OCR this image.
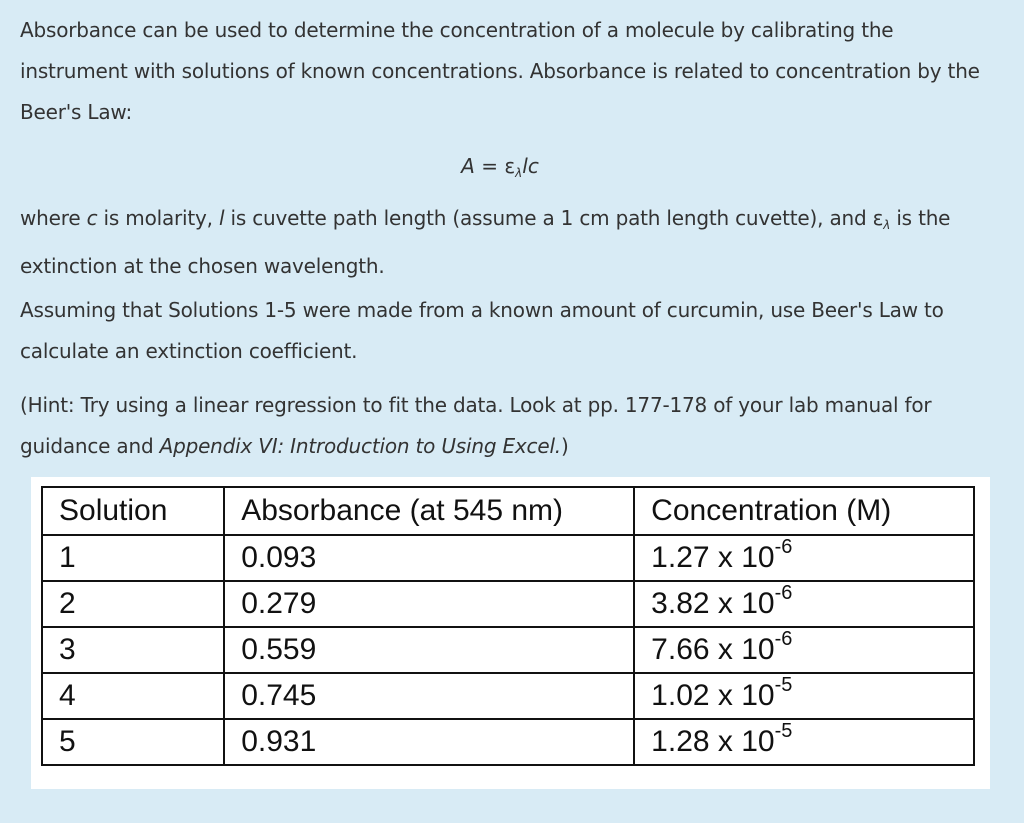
Absorbance can be used to determine the concentration of a molecule by calibrating the instrument with solutions of known concentrations. Absorbance is related to concentration by the Beer's Law:

$A = \varepsilon_\lambda lc$

where c is molarity, l is cuvette path length (assume a 1 cm path length cuvette), and $\varepsilon_\lambda$ is the extinction at the chosen wavelength.

Assuming that Solutions 1-5 were made from a known amount of curcumin, use Beer's Law to calculate an extinction coefficient.

(Hint: Try using a linear regression to fit the data. Look at pp. 177-178 of your lab manual for guidance and Appendix VI: Introduction to Using Excel.)

Solution	Absorbance (at 545 nm)	Concentration (M)
1	0.093	1.27 x $10^{-6}$
2	0.279	3.82 x $10^{-6}$
3	0.559	7.66 x $10^{-6}$
4	0.745	1.02 x $10^{-5}$
5	0.931	1.28 x $10^{-5}$
